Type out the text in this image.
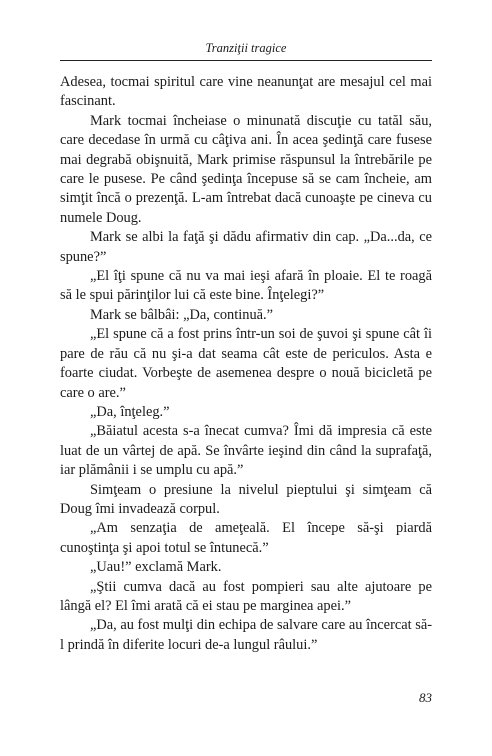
Tranziţii tragice

Adesea, tocmai spiritul care vine neanunţat are mesajul cel mai fascinant.

Mark tocmai încheiase o minunată discuţie cu tatăl său, care decedase în urmă cu câţiva ani. În acea şedinţă care fusese mai degrabă obişnuită, Mark primise răspunsul la întrebările pe care le pusese. Pe când şedinţa începuse să se cam încheie, am simţit încă o prezenţă. L-am întrebat dacă cunoaşte pe cineva cu numele Doug.

Mark se albi la faţă şi dădu afirmativ din cap. „Da...da, ce spune?”

„El îţi spune că nu va mai ieşi afară în ploaie. El te roagă să le spui părinţilor lui că este bine. Înţelegi?”

Mark se bâlbâi: „Da, continuă.”

„El spune că a fost prins într-un soi de şuvoi şi spune cât îi pare de rău că nu şi-a dat seama cât este de periculos. Asta e foarte ciudat. Vorbeşte de asemenea despre o nouă bicicletă pe care o are.”

„Da, înţeleg.”

„Băiatul acesta s-a înecat cumva? Îmi dă impresia că este luat de un vârtej de apă. Se învârte ieşind din când la suprafaţă, iar plămânii i se umplu cu apă.”

Simţeam o presiune la nivelul pieptului şi simţeam că Doug îmi invadează corpul.

„Am senzaţia de ameţeală. El începe să-şi piardă cunoştinţa şi apoi totul se întunecă.”

„Uau!” exclamă Mark.

„Ştii cumva dacă au fost pompieri sau alte ajutoare pe lângă el? El îmi arată că ei stau pe marginea apei.”

„Da, au fost mulţi din echipa de salvare care au încercat să-l prindă în diferite locuri de-a lungul râului.”

83
